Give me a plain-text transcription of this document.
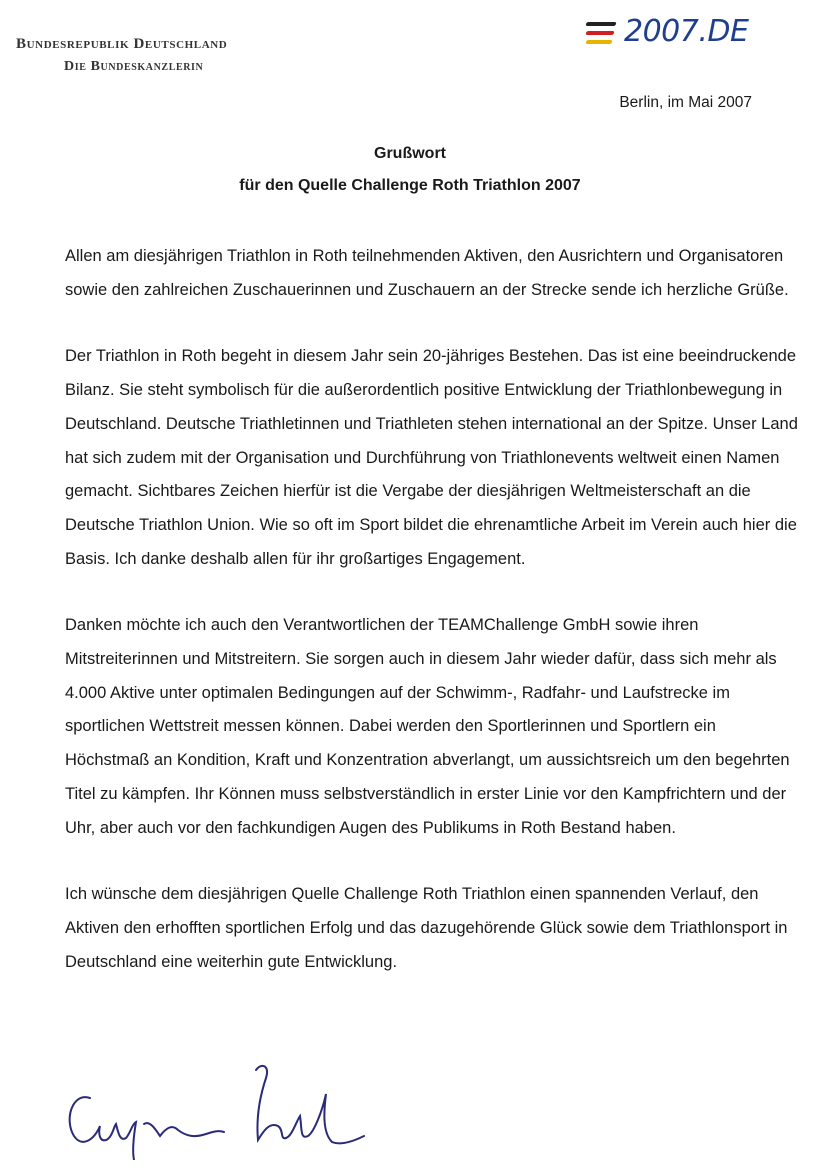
Bundesrepublik Deutschland
Die Bundeskanzlerin
2007.DE
Berlin, im Mai 2007
Grußwort
für den Quelle Challenge Roth Triathlon 2007

Allen am diesjährigen Triathlon in Roth teilnehmenden Aktiven, den Ausrichtern und Organisatoren sowie den zahlreichen Zuschauerinnen und Zuschauern an der Strecke sende ich herzliche Grüße.

Der Triathlon in Roth begeht in diesem Jahr sein 20-jähriges Bestehen. Das ist eine beeindruckende Bilanz. Sie steht symbolisch für die außerordentlich positive Entwicklung der Triathlonbewegung in Deutschland. Deutsche Triathletinnen und Triathleten stehen international an der Spitze. Unser Land hat sich zudem mit der Organisation und Durchführung von Triathlonevents weltweit einen Namen gemacht. Sichtbares Zeichen hierfür ist die Vergabe der diesjährigen Weltmeisterschaft an die Deutsche Triathlon Union. Wie so oft im Sport bildet die ehrenamtliche Arbeit im Verein auch hier die Basis. Ich danke deshalb allen für ihr großartiges Engagement.

Danken möchte ich auch den Verantwortlichen der TEAMChallenge GmbH sowie ihren Mitstreiterinnen und Mitstreitern. Sie sorgen auch in diesem Jahr wieder dafür, dass sich mehr als 4.000 Aktive unter optimalen Bedingungen auf der Schwimm-, Radfahr- und Laufstrecke im sportlichen Wettstreit messen können. Dabei werden den Sportlerinnen und Sportlern ein Höchstmaß an Kondition, Kraft und Konzentration abverlangt, um aussichtsreich um den begehrten Titel zu kämpfen. Ihr Können muss selbstverständlich in erster Linie vor den Kampfrichtern und der Uhr, aber auch vor den fachkundigen Augen des Publikums in Roth Bestand haben.

Ich wünsche dem diesjährigen Quelle Challenge Roth Triathlon einen spannenden Verlauf, den Aktiven den erhofften sportlichen Erfolg und das dazugehörende Glück sowie dem Triathlonsport in Deutschland eine weiterhin gute Entwicklung.
